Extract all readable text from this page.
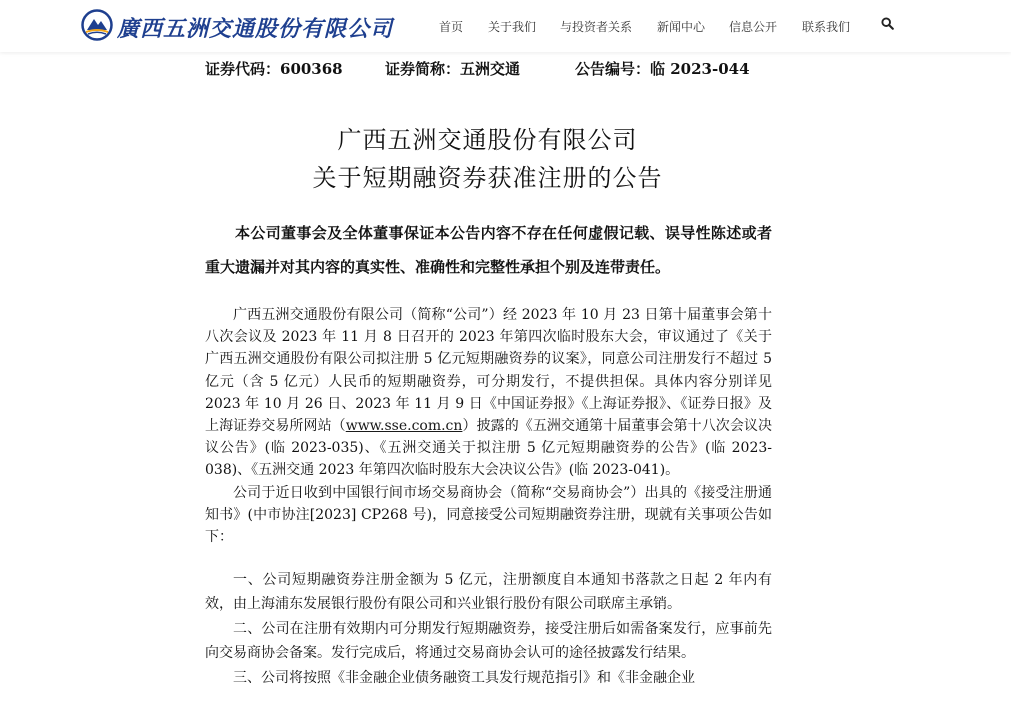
廣西五洲交通股份有限公司	首页 关于我们 与投资者关系 新闻中心 信息公开 联系我们
证券代码：600368	证券简称：五洲交通	公告编号：临 2023-044
广西五洲交通股份有限公司
关于短期融资券获准注册的公告
本公司董事会及全体董事保证本公告内容不存在任何虚假记载、误导性陈述或者重大遗漏并对其内容的真实性、准确性和完整性承担个别及连带责任。

广西五洲交通股份有限公司（简称“公司”）经 2023 年 10 月 23 日第十届董事会第十八次会议及 2023 年 11 月 8 日召开的 2023 年第四次临时股东大会，审议通过了《关于广西五洲交通股份有限公司拟注册 5 亿元短期融资券的议案》，同意公司注册发行不超过 5 亿元（含 5 亿元）人民币的短期融资券，可分期发行，不提供担保。具体内容分别详见 2023 年 10 月 26 日、2023 年 11 月 9 日《中国证券报》《上海证券报》、《证券日报》及上海证券交易所网站（www.sse.com.cn）披露的《五洲交通第十届董事会第十八次会议决议公告》(临 2023-035)、《五洲交通关于拟注册 5 亿元短期融资券的公告》(临 2023-038)、《五洲交通 2023 年第四次临时股东大会决议公告》(临 2023-041)。

公司于近日收到中国银行间市场交易商协会（简称“交易商协会”）出具的《接受注册通知书》(中市协注[2023] CP268 号)，同意接受公司短期融资券注册，现就有关事项公告如下：

一、公司短期融资券注册金额为 5 亿元，注册额度自本通知书落款之日起 2 年内有效，由上海浦东发展银行股份有限公司和兴业银行股份有限公司联席主承销。

二、公司在注册有效期内可分期发行短期融资券，接受注册后如需备案发行，应事前先向交易商协会备案。发行完成后，将通过交易商协会认可的途径披露发行结果。

三、公司将按照《非金融企业债务融资工具发行规范指引》和《非金融企业
